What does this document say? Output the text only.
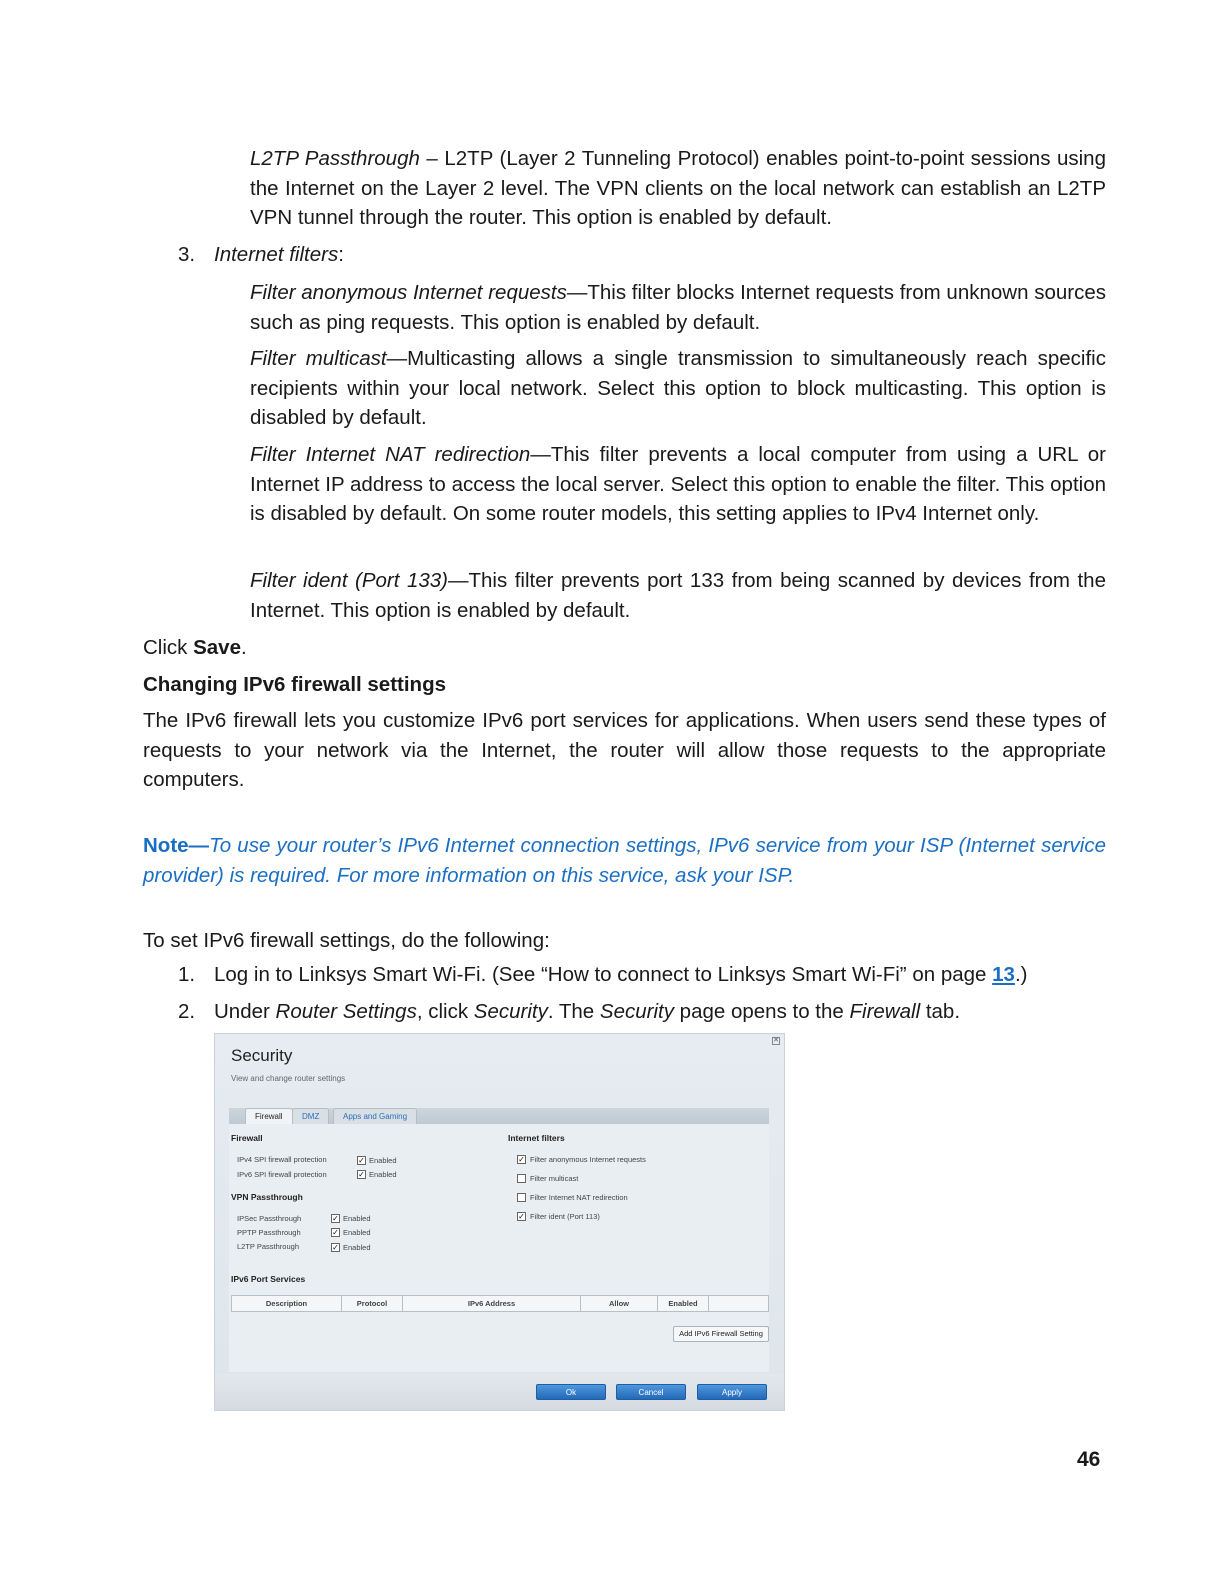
L2TP Passthrough – L2TP (Layer 2 Tunneling Protocol) enables point-to-point sessions using the Internet on the Layer 2 level. The VPN clients on the local network can establish an L2TP VPN tunnel through the router. This option is enabled by default.

3. Internet filters:

Filter anonymous Internet requests—This filter blocks Internet requests from unknown sources such as ping requests. This option is enabled by default.

Filter multicast—Multicasting allows a single transmission to simultaneously reach specific recipients within your local network. Select this option to block multicasting. This option is disabled by default.

Filter Internet NAT redirection—This filter prevents a local computer from using a URL or Internet IP address to access the local server. Select this option to enable the filter. This option is disabled by default. On some router models, this setting applies to IPv4 Internet only.

Filter ident (Port 133)—This filter prevents port 133 from being scanned by devices from the Internet. This option is enabled by default.

Click Save.

Changing IPv6 firewall settings

The IPv6 firewall lets you customize IPv6 port services for applications. When users send these types of requests to your network via the Internet, the router will allow those requests to the appropriate computers.

Note—To use your router’s IPv6 Internet connection settings, IPv6 service from your ISP (Internet service provider) is required. For more information on this service, ask your ISP.

To set IPv6 firewall settings, do the following:

1. Log in to Linksys Smart Wi-Fi. (See “How to connect to Linksys Smart Wi-Fi” on page 13.)
2. Under Router Settings, click Security. The Security page opens to the Firewall tab.
✕
Security
View and change router settings
Firewall	DMZ	Apps and Gaming
Firewall
IPv4 SPI firewall protection	✓ Enabled
IPv6 SPI firewall protection	✓ Enabled
VPN Passthrough
IPSec Passthrough	✓ Enabled
PPTP Passthrough	✓ Enabled
L2TP Passthrough	✓ Enabled
Internet filters
✓ Filter anonymous Internet requests
Filter multicast
Filter Internet NAT redirection
✓ Filter ident (Port 113)
IPv6 Port Services
Description	Protocol	IPv6 Address	Allow	Enabled
Add IPv6 Firewall Setting
Ok	Cancel	Apply
46
